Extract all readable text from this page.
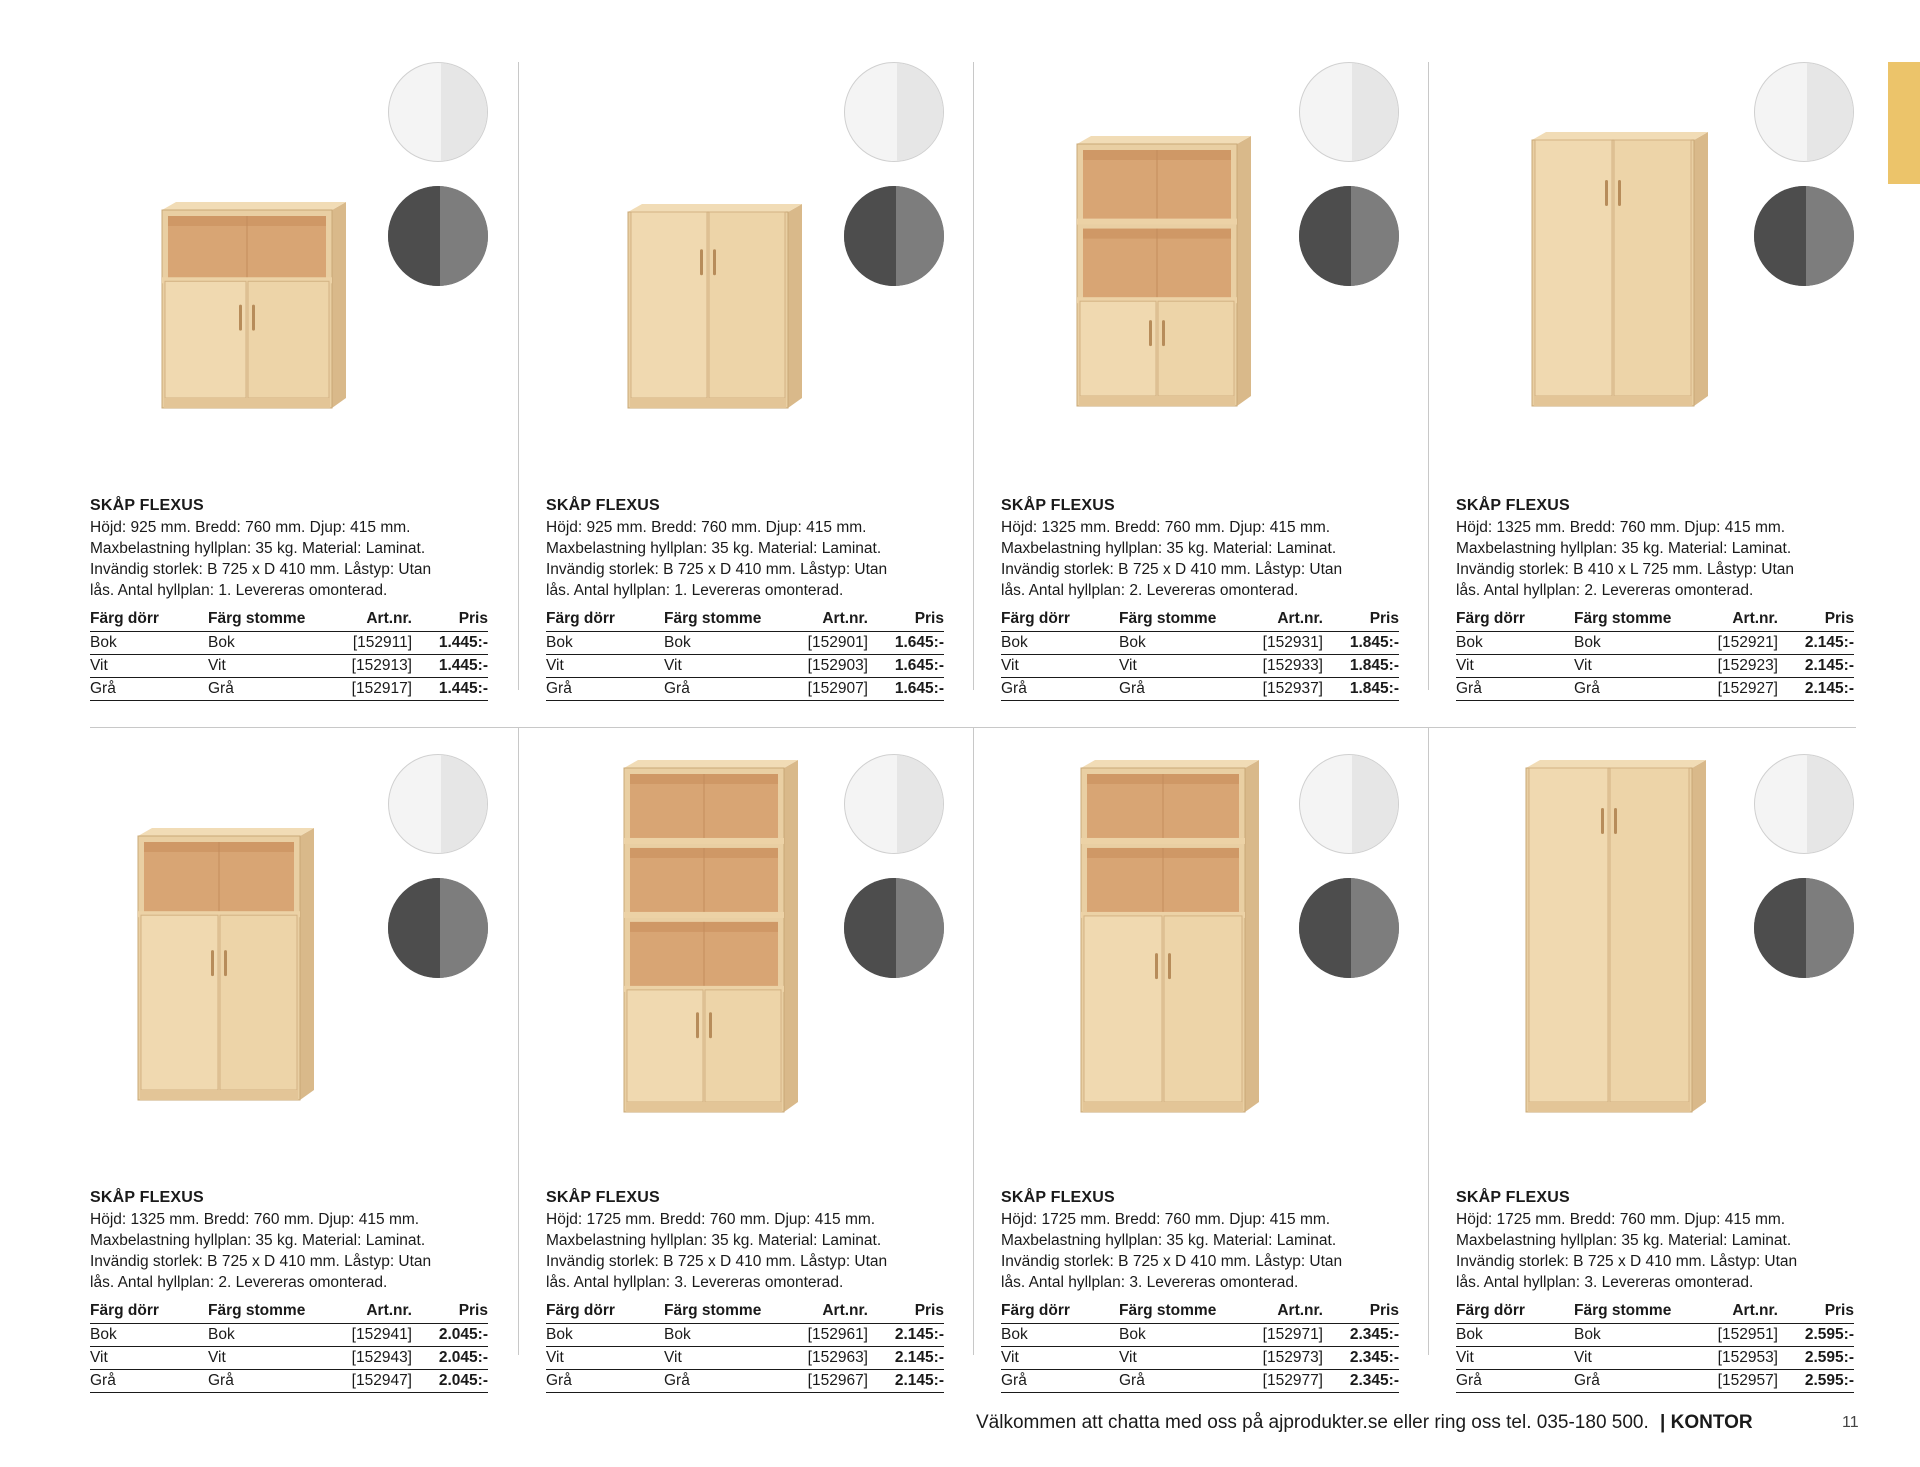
SKÅP FLEXUS
Höjd: 925 mm. Bredd: 760 mm. Djup: 415 mm.
Maxbelastning hyllplan: 35 kg. Material: Laminat.
Invändig storlek: B 725 x D 410 mm. Låstyp: Utan
lås. Antal hyllplan: 1. Levereras omonterad.
Färg dörr	Färg stomme	Art.nr.	Pris
Bok	Bok	[152911]	1.445:-
Vit	Vit	[152913]	1.445:-
Grå	Grå	[152917]	1.445:-
SKÅP FLEXUS
Höjd: 925 mm. Bredd: 760 mm. Djup: 415 mm.
Maxbelastning hyllplan: 35 kg. Material: Laminat.
Invändig storlek: B 725 x D 410 mm. Låstyp: Utan
lås. Antal hyllplan: 1. Levereras omonterad.
Färg dörr	Färg stomme	Art.nr.	Pris
Bok	Bok	[152901]	1.645:-
Vit	Vit	[152903]	1.645:-
Grå	Grå	[152907]	1.645:-
SKÅP FLEXUS
Höjd: 1325 mm. Bredd: 760 mm. Djup: 415 mm.
Maxbelastning hyllplan: 35 kg. Material: Laminat.
Invändig storlek: B 725 x D 410 mm. Låstyp: Utan
lås. Antal hyllplan: 2. Levereras omonterad.
Färg dörr	Färg stomme	Art.nr.	Pris
Bok	Bok	[152931]	1.845:-
Vit	Vit	[152933]	1.845:-
Grå	Grå	[152937]	1.845:-
SKÅP FLEXUS
Höjd: 1325 mm. Bredd: 760 mm. Djup: 415 mm.
Maxbelastning hyllplan: 35 kg. Material: Laminat.
Invändig storlek: B 410 x L 725 mm. Låstyp: Utan
lås. Antal hyllplan: 2. Levereras omonterad.
Färg dörr	Färg stomme	Art.nr.	Pris
Bok	Bok	[152921]	2.145:-
Vit	Vit	[152923]	2.145:-
Grå	Grå	[152927]	2.145:-
SKÅP FLEXUS
Höjd: 1325 mm. Bredd: 760 mm. Djup: 415 mm.
Maxbelastning hyllplan: 35 kg. Material: Laminat.
Invändig storlek: B 725 x D 410 mm. Låstyp: Utan
lås. Antal hyllplan: 2. Levereras omonterad.
Färg dörr	Färg stomme	Art.nr.	Pris
Bok	Bok	[152941]	2.045:-
Vit	Vit	[152943]	2.045:-
Grå	Grå	[152947]	2.045:-
SKÅP FLEXUS
Höjd: 1725 mm. Bredd: 760 mm. Djup: 415 mm.
Maxbelastning hyllplan: 35 kg. Material: Laminat.
Invändig storlek: B 725 x D 410 mm. Låstyp: Utan
lås. Antal hyllplan: 3. Levereras omonterad.
Färg dörr	Färg stomme	Art.nr.	Pris
Bok	Bok	[152961]	2.145:-
Vit	Vit	[152963]	2.145:-
Grå	Grå	[152967]	2.145:-
SKÅP FLEXUS
Höjd: 1725 mm. Bredd: 760 mm. Djup: 415 mm.
Maxbelastning hyllplan: 35 kg. Material: Laminat.
Invändig storlek: B 725 x D 410 mm. Låstyp: Utan
lås. Antal hyllplan: 3. Levereras omonterad.
Färg dörr	Färg stomme	Art.nr.	Pris
Bok	Bok	[152971]	2.345:-
Vit	Vit	[152973]	2.345:-
Grå	Grå	[152977]	2.345:-
SKÅP FLEXUS
Höjd: 1725 mm. Bredd: 760 mm. Djup: 415 mm.
Maxbelastning hyllplan: 35 kg. Material: Laminat.
Invändig storlek: B 725 x D 410 mm. Låstyp: Utan
lås. Antal hyllplan: 3. Levereras omonterad.
Färg dörr	Färg stomme	Art.nr.	Pris
Bok	Bok	[152951]	2.595:-
Vit	Vit	[152953]	2.595:-
Grå	Grå	[152957]	2.595:-
Välkommen att chatta med oss på ajprodukter.se eller ring oss tel. 035-180 500. | KONTOR	11
